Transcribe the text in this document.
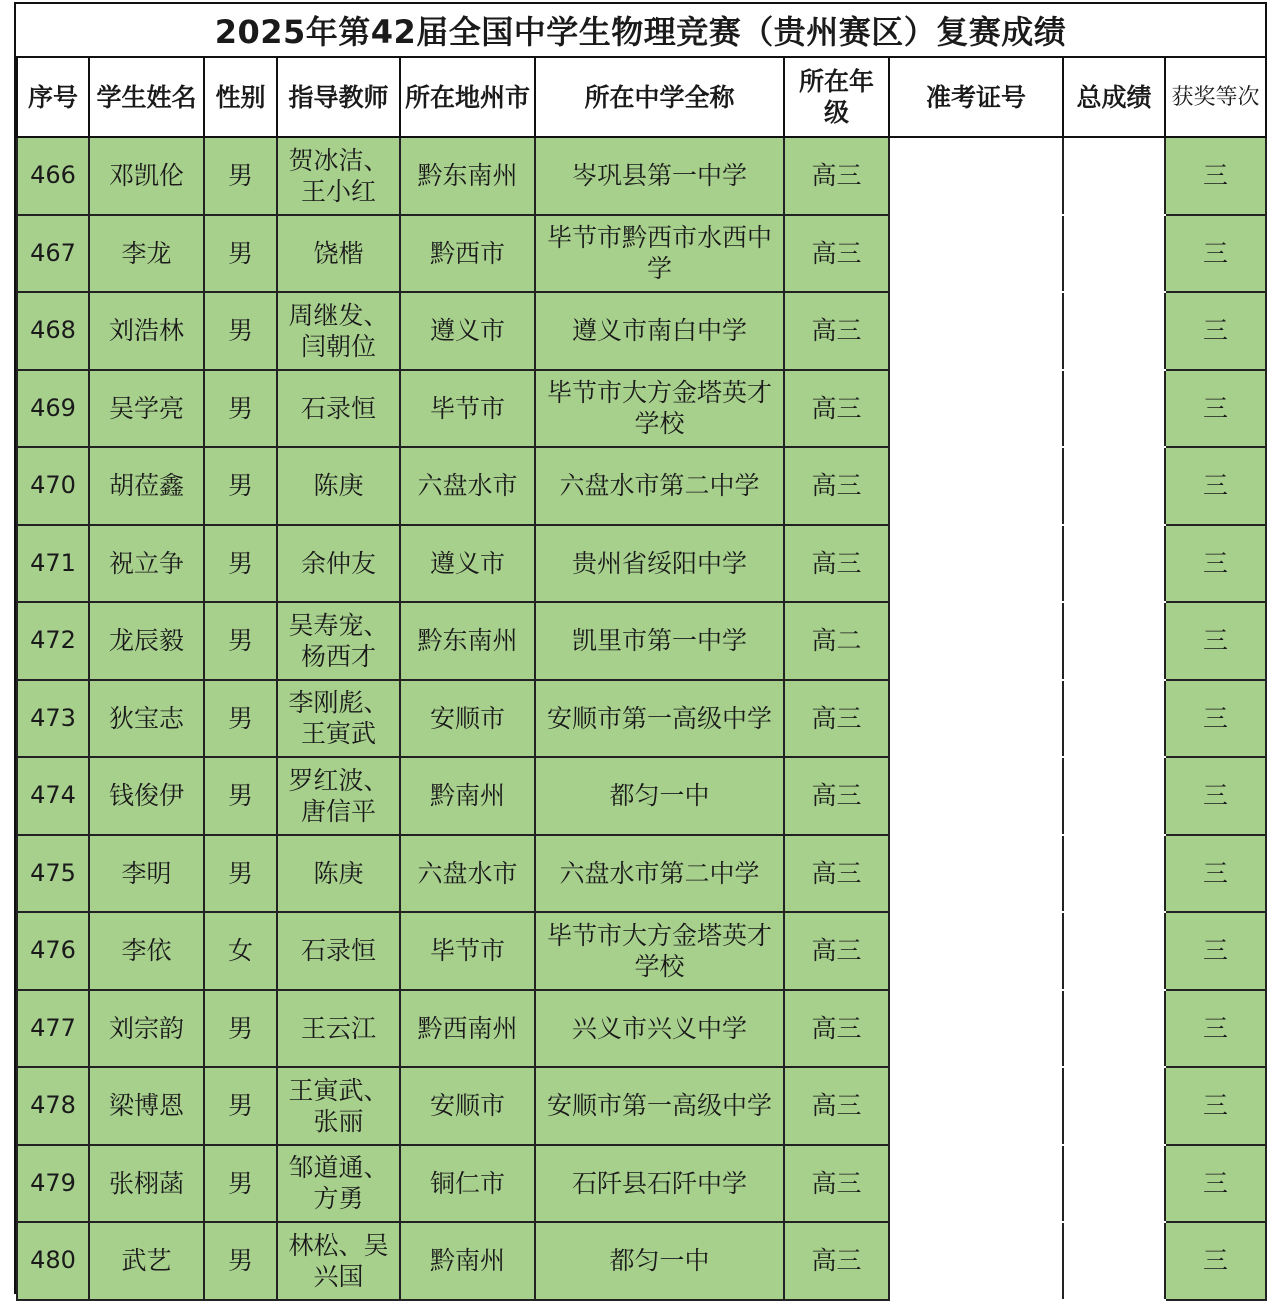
2025年第42届全国中学生物理竞赛（贵州赛区）复赛成绩
序号	学生姓名	性别	指导教师	所在地州市	所在中学全称	所在年级	准考证号	总成绩	获奖等次
466	邓凯伦	男	贺冰洁、王小红	黔东南州	岑巩县第一中学	高三			三
467	李龙	男	饶楷	黔西市	毕节市黔西市水西中学	高三			三
468	刘浩林	男	周继发、闫朝位	遵义市	遵义市南白中学	高三			三
469	吴学亮	男	石录恒	毕节市	毕节市大方金塔英才学校	高三			三
470	胡莅鑫	男	陈庚	六盘水市	六盘水市第二中学	高三			三
471	祝立争	男	余仲友	遵义市	贵州省绥阳中学	高三			三
472	龙辰毅	男	吴寿宠、杨西才	黔东南州	凯里市第一中学	高二			三
473	狄宝志	男	李刚彪、王寅武	安顺市	安顺市第一高级中学	高三			三
474	钱俊伊	男	罗红波、唐信平	黔南州	都匀一中	高三			三
475	李明	男	陈庚	六盘水市	六盘水市第二中学	高三			三
476	李依	女	石录恒	毕节市	毕节市大方金塔英才学校	高三			三
477	刘宗韵	男	王云江	黔西南州	兴义市兴义中学	高三			三
478	梁博恩	男	王寅武、张丽	安顺市	安顺市第一高级中学	高三			三
479	张栩菡	男	邹道通、方勇	铜仁市	石阡县石阡中学	高三			三
480	武艺	男	林松、吴兴国	黔南州	都匀一中	高三			三
